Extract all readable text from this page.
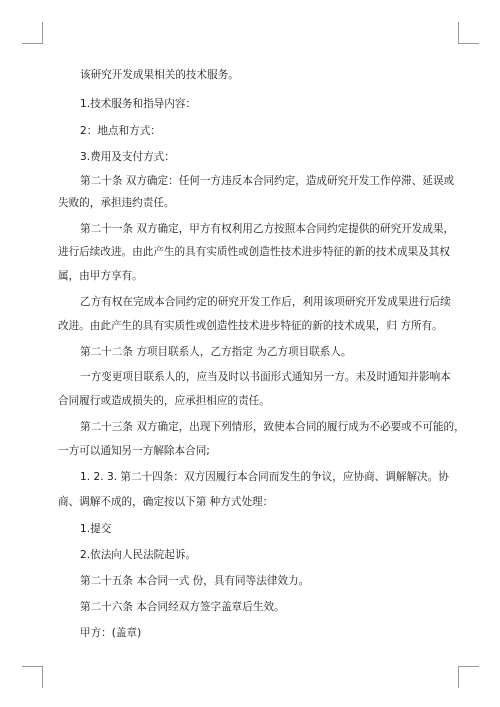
该研究开发成果相关的技术服务。
1.技术服务和指导内容：
2：地点和方式：
3.费用及支付方式：
第二十条 双方确定：任何一方违反本合同约定，造成研究开发工作停滞、延误或
失败的，承担违约责任。
第二十一条 双方确定，甲方有权利用乙方按照本合同约定提供的研究开发成果，
进行后续改进。由此产生的具有实质性或创造性技术进步特征的新的技术成果及其权
属，由甲方享有。
乙方有权在完成本合同约定的研究开发工作后，利用该项研究开发成果进行后续
改进。由此产生的具有实质性或创造性技术进步特征的新的技术成果，归 方所有。
第二十二条 方项目联系人，乙方指定 为乙方项目联系人。
一方变更项目联系人的，应当及时以书面形式通知另一方。未及时通知并影响本
合同履行或造成损失的，应承担相应的责任。
第二十三条 双方确定，出现下列情形，致使本合同的履行成为不必要或不可能的，
一方可以通知另一方解除本合同;
1. 2. 3. 第二十四条：双方因履行本合同而发生的争议，应协商、调解解决。协
商、调解不成的，确定按以下第 种方式处理：
1.提交
2.依法向人民法院起诉。
第二十五条 本合同一式 份，具有同等法律效力。
第二十六条 本合同经双方签字盖章后生效。
甲方：(盖章)
